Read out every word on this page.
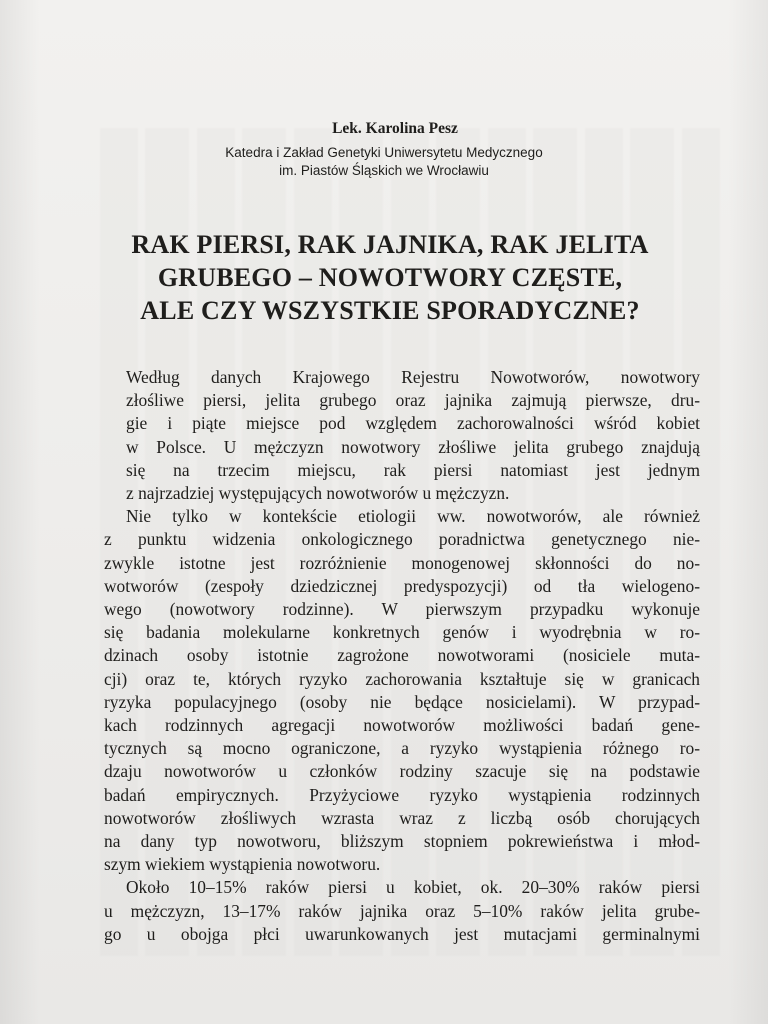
Lek. Karolina Pesz

Katedra i Zakład Genetyki Uniwersytetu Medycznego
im. Piastów Śląskich we Wrocławiu

RAK PIERSI, RAK JAJNIKA, RAK JELITA
GRUBEGO – NOWOTWORY CZĘSTE,
ALE CZY WSZYSTKIE SPORADYCZNE?

Według danych Krajowego Rejestru Nowotworów, nowotwory
złośliwe piersi, jelita grubego oraz jajnika zajmują pierwsze, dru-
gie i piąte miejsce pod względem zachorowalności wśród kobiet
w Polsce. U mężczyzn nowotwory złośliwe jelita grubego znajdują
się na trzecim miejscu, rak piersi natomiast jest jednym
z najrzadziej występujących nowotworów u mężczyzn.

Nie tylko w kontekście etiologii ww. nowotworów, ale również
z punktu widzenia onkologicznego poradnictwa genetycznego nie-
zwykle istotne jest rozróżnienie monogenowej skłonności do no-
wotworów (zespoły dziedzicznej predyspozycji) od tła wielogeno-
wego (nowotwory rodzinne). W pierwszym przypadku wykonuje
się badania molekularne konkretnych genów i wyodrębnia w ro-
dzinach osoby istotnie zagrożone nowotworami (nosiciele muta-
cji) oraz te, których ryzyko zachorowania kształtuje się w granicach
ryzyka populacyjnego (osoby nie będące nosicielami). W przypad-
kach rodzinnych agregacji nowotworów możliwości badań gene-
tycznych są mocno ograniczone, a ryzyko wystąpienia różnego ro-
dzaju nowotworów u członków rodziny szacuje się na podstawie
badań empirycznych. Przyżyciowe ryzyko wystąpienia rodzinnych
nowotworów złośliwych wzrasta wraz z liczbą osób chorujących
na dany typ nowotworu, bliższym stopniem pokrewieństwa i młod-
szym wiekiem wystąpienia nowotworu.

Około 10–15% raków piersi u kobiet, ok. 20–30% raków piersi
u mężczyzn, 13–17% raków jajnika oraz 5–10% raków jelita grube-
go u obojga płci uwarunkowanych jest mutacjami germinalnymi
